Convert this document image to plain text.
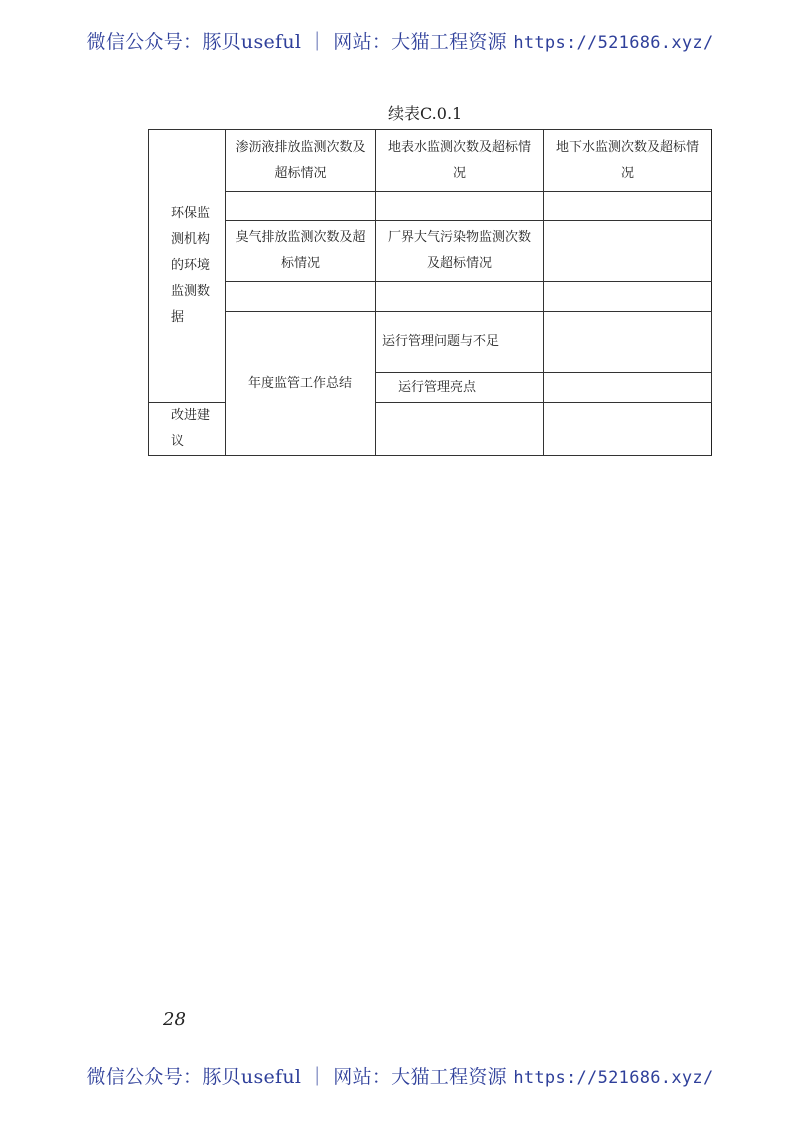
微信公众号：豚贝useful ｜ 网站：大猫工程资源 https://521686.xyz/
续表C.0.1
环保监测机构的环境监测数据	渗沥液排放监测次数及超标情况	地表水监测次数及超标情况	地下水监测次数及超标情况	

	臭气排放监测次数及超标情况	厂界大气污染物监测次数及超标情况		

	年度监管工作总结	运行管理问题与不足		
		运行管理亮点		
改进建议				
28
微信公众号：豚贝useful ｜ 网站：大猫工程资源 https://521686.xyz/
